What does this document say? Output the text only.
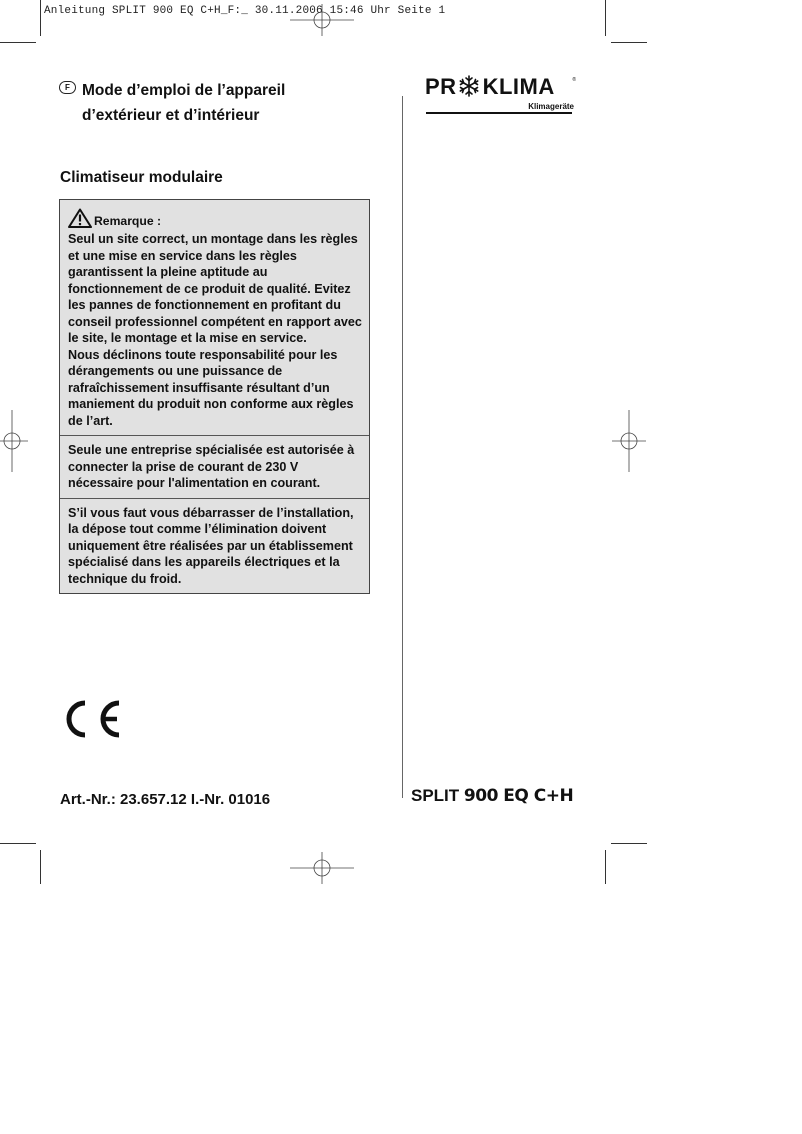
Anleitung SPLIT 900 EQ C+H_F:_ 30.11.2006 15:46 Uhr Seite 1
F Mode d’emploi de l’appareil
d’extérieur et d’intérieur
Climatiseur modulaire
PR KLIMA	®
Klimageräte
Remarque :

Seul un site correct, un montage dans les règles et une mise en service dans les règles garantissent la pleine aptitude au fonctionnement de ce produit de qualité. Evitez les pannes de fonctionnement en profitant du conseil professionnel compétent en rapport avec le site, le montage et la mise en service.

Nous déclinons toute responsabilité pour les dérangements ou une puissance de rafraîchissement insuffisante résultant d’un maniement du produit non conforme aux règles de l’art.

Seule une entreprise spécialisée est autorisée à connecter la prise de courant de 230 V nécessaire pour l'alimentation en courant.

S’il vous faut vous débarrasser de l’installation, la dépose tout comme l’élimination doivent uniquement être réalisées par un établissement spécialisé dans les appareils électriques et la technique du froid.

Art.-Nr.: 23.657.12 I.-Nr. 01016	SPLIT 900 EQ C+H
